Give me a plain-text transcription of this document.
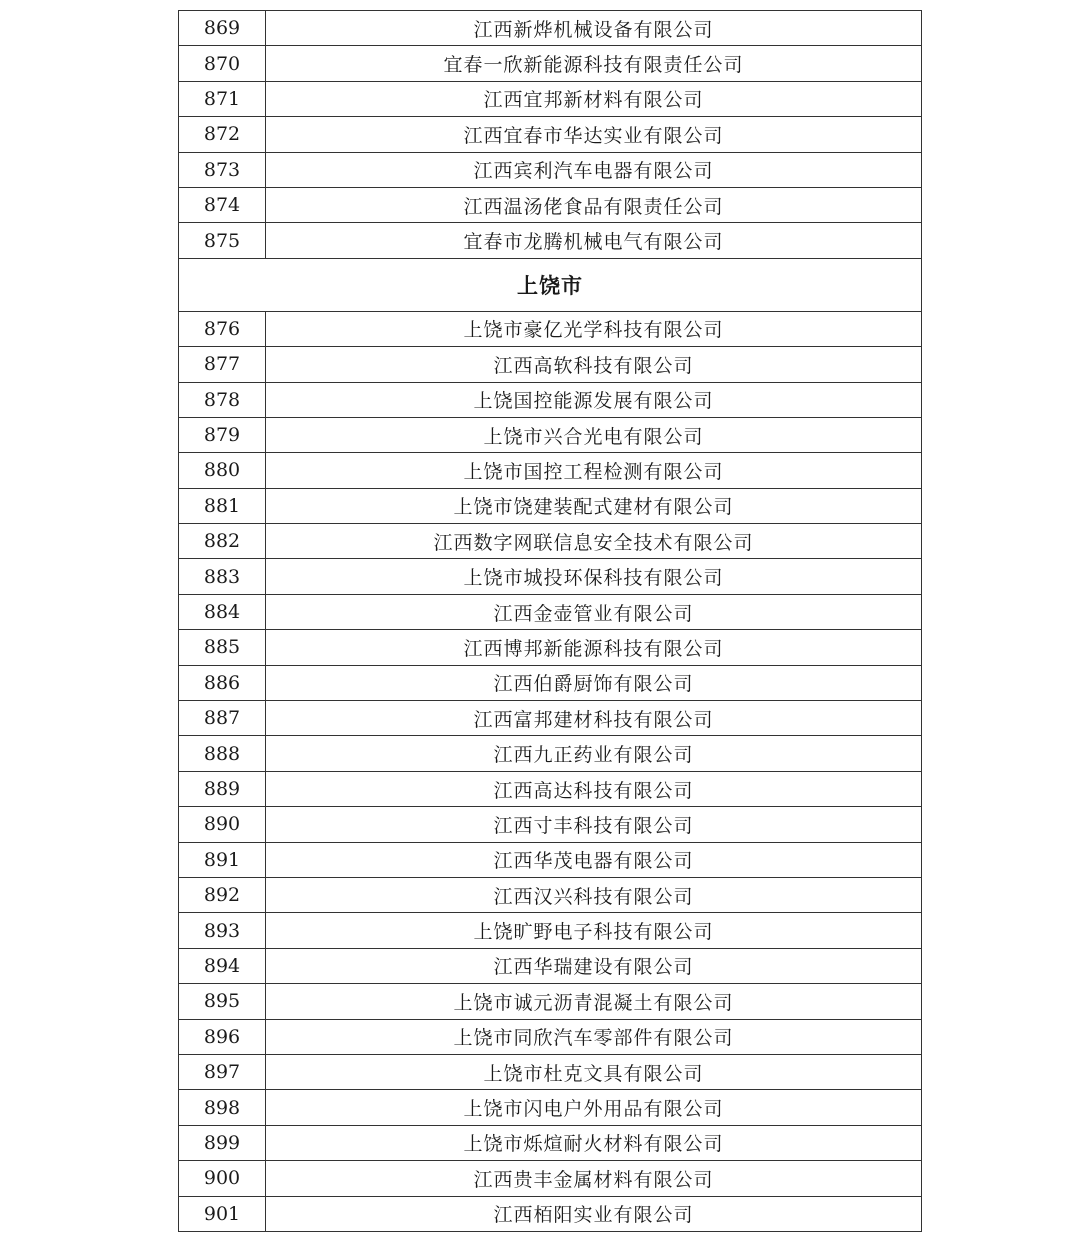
869	江西新烨机械设备有限公司
870	宜春一欣新能源科技有限责任公司
871	江西宜邦新材料有限公司
872	江西宜春市华达实业有限公司
873	江西宾利汽车电器有限公司
874	江西温汤佬食品有限责任公司
875	宜春市龙腾机械电气有限公司
上饶市	
876	上饶市豪亿光学科技有限公司
877	江西高软科技有限公司
878	上饶国控能源发展有限公司
879	上饶市兴合光电有限公司
880	上饶市国控工程检测有限公司
881	上饶市饶建装配式建材有限公司
882	江西数字网联信息安全技术有限公司
883	上饶市城投环保科技有限公司
884	江西金壶管业有限公司
885	江西博邦新能源科技有限公司
886	江西伯爵厨饰有限公司
887	江西富邦建材科技有限公司
888	江西九正药业有限公司
889	江西高达科技有限公司
890	江西寸丰科技有限公司
891	江西华茂电器有限公司
892	江西汉兴科技有限公司
893	上饶旷野电子科技有限公司
894	江西华瑞建设有限公司
895	上饶市诚元沥青混凝土有限公司
896	上饶市同欣汽车零部件有限公司
897	上饶市杜克文具有限公司
898	上饶市闪电户外用品有限公司
899	上饶市烁煊耐火材料有限公司
900	江西贵丰金属材料有限公司
901	江西栢阳实业有限公司
